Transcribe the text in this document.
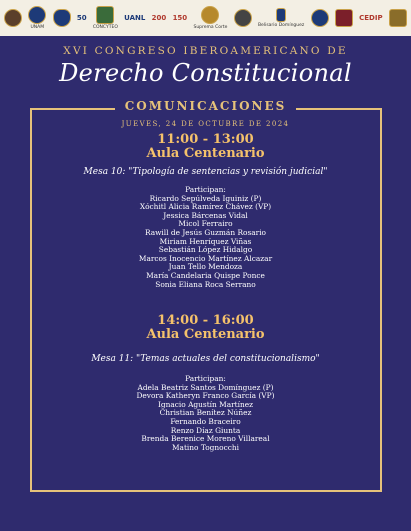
UNAM
50
CONCYTEO
UANL 200 150
Suprema Corte	Belisario Domínguez
CEDIP
XVI CONGRESO IBEROAMERICANO DE
Derecho Constitucional
COMUNICACIONES
JUEVES, 24 DE OCTUBRE DE 2024
11:00 - 13:00
Aula Centenario
Mesa 10: "Tipología de sentencias y revisión judicial"
Participan:
Ricardo Sepúlveda Iguiniz (P)
Xóchitl Alicia Ramírez Chávez (VP)
Jessica Bárcenas Vidal
Micol Ferrairo
Rawill de Jesús Guzmán Rosario
Miriam Henríquez Viñas
Sebastián López Hidalgo
Marcos Inocencio Martínez Alcazar
Juan Tello Mendoza
María Candelaria Quispe Ponce
Sonia Eliana Roca Serrano
14:00 - 16:00
Aula Centenario
Mesa 11: "Temas actuales del constitucionalismo"
Participan:
Adela Beatriz Santos Domínguez (P)
Devora Katheryn Franco García (VP)
Ignacio Agustín Martínez
Christian Benítez Núñez
Fernando Braceiro
Renzo Díaz Giunta
Brenda Berenice Moreno Villareal
Matino Tognocchi
